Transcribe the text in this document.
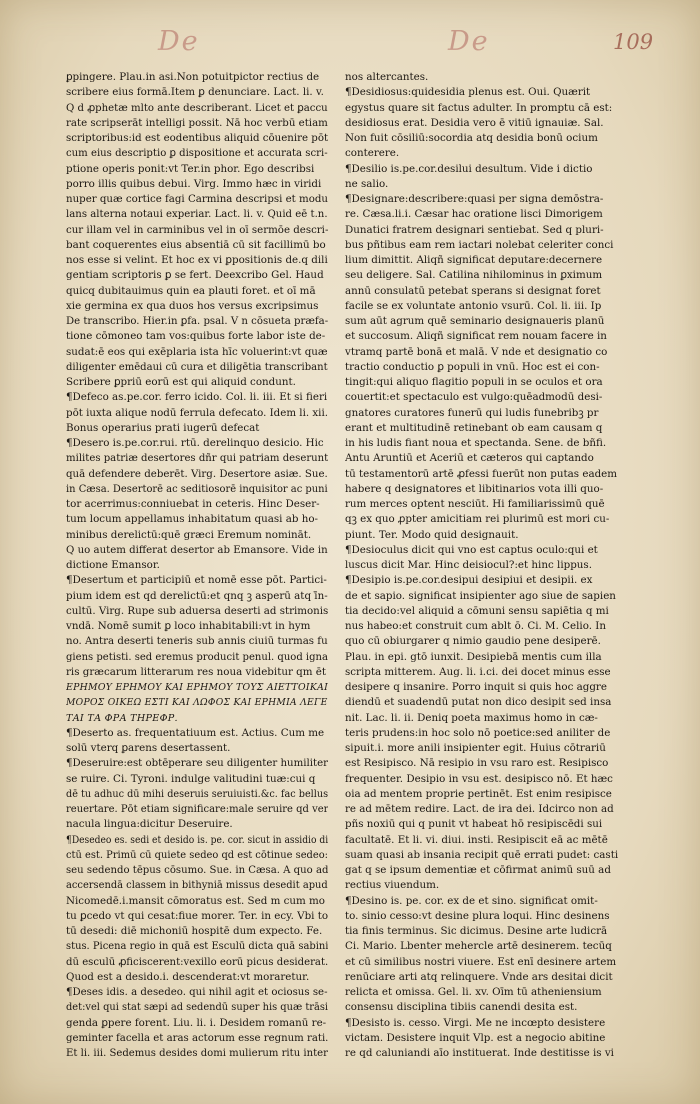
De	De	109
ꝑpingere. Plau.in asi.Non potuitpictor rectius de
scribere eius formā.Item ꝑ denunciare. Lact. li. v.
Q d ꝓphetæ mlto ante describerant. Licet et ꝑaccu
rate scripserāt intelligi possit. Nā hoc verbū etiam
scriptoribus:id est eodentibus aliquid cōuenire pōt
cum eius descriptio ꝑ dispositione et accurata scri-
ptione operis ponit:vt Ter.in phor. Ego describsi
porro illis quibus debui. Virg. Immo hæc in viridi
nuper quæ cortice fagi Carmina descripsi et modu
lans alterna notaui experiar. Lact. li. v. Quid eē t.n.
cur illam vel in carminibus vel in oī sermōe descri-
bant coquerentes eius absentiā cū sit facillimū bo
nos esse si velint. Et hoc ex vi ꝑpositionis de.q dili
gentiam scriptoris ꝑ se fert. Deexcribo Gel. Haud
quicq dubitauimus quin ea plauti foret. et oī mā
xie germina ex qua duos hos versus excripsimus
De transcribo. Hier.in ꝑfa. psal. V n cōsueta præfa-
tione cōmoneo tam vos:quibus forte labor iste de-
sudat:ē eos qui exēplaria ista hīc voluerint:vt quæ
diligenter emēdaui cū cura et diligētia transcribant
Scribere ꝑpriū eorū est qui aliquid condunt.
¶Defeco as.pe.cor. ferro icido. Col. li. iii. Et si fieri
pōt iuxta alique nodū ferrula defecato. Idem li. xii.
Bonus operarius prati iugerū defecat
¶Desero is.pe.cor.rui. rtū. derelinquo desicio. Hic
milites patriæ desertores dñr qui patriam deserunt
quā defendere deberēt. Virg. Desertore asiæ. Sue.
in Cæsa. Desertorē ac seditiosorē inquisitor ac puni
tor acerrimus:conniuebat in ceteris. Hinc Deser-
tum locum appellamus inhabitatum quasi ab ho-
minibus derelictū:quē græci Eremum nomināt.
Q uo autem differat desertor ab Emansore. Vide in
dictione Emansor.
¶Desertum et participiū et nomē esse pōt. Partici-
pium idem est qd derelictū:et qnq ꝫ asperū atq ī̄n-
cultū. Virg. Rupe sub aduersa deserti ad strimonis
vndā. Nomē sumit ꝑ loco inhabitabili:vt in hym
no. Antra deserti teneris sub annis ciuiū turmas fu
giens petisti. sed eremus producit penul. quod igna
ris græcarum litterarum res noua videbitur qm ēt
ΕΡΗΜΟΥ ΕΡΗΜΟΥ ΚΑΙ ΕΡΗΜΟΥ ΤΟΥΣ ΑΙΕΤΤΟΙΚΑΙ
ΜΟΡΟΣ ΟΙΚΕΩ ΕΣΤΙ ΚΑΙ ΛΩΦΟΣ ΚΑΙ ΕΡΗΜΙΑ ΛΕΓΕ
ΤΑΙ ΤΑ ΦΡΑ ΤΗΡΕΦΡ.
¶Deserto as. frequentatiuum est. Actius. Cum me
solū vterq ꝑarens desertassent.
¶Deseruire:est obtēperare seu diligenter humiliter
se ruire. Ci. Tyroni. indulge valitudini tuæ:cui q
dē tu adhuc dū mihi deseruis seruiuisti.&c. fac bellus
reuertare. Pōt etiam significare:male seruire qd ver
nacula lingua:dicitur Deseruire.
¶Desedeo es. sedi et desido is. pe. cor. sicut in assidio di
ctū est. Primū cū quiete sedeo qd est cōtinue sedeo:
seu sedendo tēpus cōsumo. Sue. in Cæsa. A quo ad
accersendā classem in bithyniā missus desedit apud
Nicomedē.i.mansit cōmoratus est. Sed m cum mo
tu ꝑcedo vt qui cesat:fiue morer. Ter. in ecy. Vbi to
tū desedi: diē michoniū hospitē dum expecto. Fe.
stus. Picena regio in quā est Esculū dicta quā sabini
dū esculū ꝓficiscerent:vexillo eorū picus desiderat.
Quod est a desido.i. descenderat:vt moraretur.
¶Deses idis. a desedeo. qui nihil agit et ociosus se-
det:vel qui stat sæpi ad sedendū super his quæ trāsi
genda ꝑpere forent. Liu. li. i. Desidem romanū re-
geminter facella et aras actorum esse regnum rati.
Et li. iii. Sedemus desides domi mulierum ritu inter
nos altercantes.
¶Desidiosus:quidesidia plenus est. Oui. Quærit
egystus quare sit factus adulter. In promptu cā est:
desidiosus erat. Desidia vero ē vitiū ignauiæ. Sal.
Non fuit cōsiliū:socordia atq desidia bonū ocium
conterere.
¶Desilio is.pe.cor.desilui desultum. Vide i dictio
ne salio.
¶Designare:describere:quasi per signa demōstra-
re. Cæsa.li.i. Cæsar hac oratione lisci Dimorigem
Dunatici fratrem designari sentiebat. Sed q pluri-
bus pñtibus eam rem iactari nolebat celeriter conci
lium dimittit. Aliqñ significat deputare:decernere
seu deligere. Sal. Catilina nihilominus in ꝑximum
annū consulatū petebat sperans si designat foret
facile se ex voluntate antonio vsurū. Col. li. iii. Ip
sum aūt agrum quē seminario designaueris planū
et succosum. Aliqñ significat rem nouam facere in
vtramq partē bonā et malā. V nde et designatio co
tractio conductio ꝑ populi in vnū. Hoc est ei con-
tingit:qui aliquo flagitio populi in se oculos et ora
couertit:et spectaculo est vulgo:quēadmodū desi-
gnatores curatores funerū qui ludis funebribꝫ pr
erant et multitudinē retinebant ob eam causam q
in his ludis fiant noua et spectanda. Sene. de bñfi.
Antu Aruntiū et Aceriū et cæteros qui captando
tū testamentorū artē ꝓfessi fuerūt non putas eadem
habere q designatores et libitinarios vota illi quo-
rum merces optent nesciūt. Hi familiarissimū quē
qꝫ ex quo ꝓpter amicitiam rei plurimū est mori cu-
piunt. Ter. Modo quid designauit.
¶Desioculus dicit qui vno est captus oculo:qui et
luscus dicit Mar. Hinc deisiocul?:et hinc lippus.
¶Desipio is.pe.cor.desipui desipiui et desipii. ex
de et sapio. significat insipienter ago siue de sapien
tia decido:vel aliquid a cōmuni sensu sapiētia q mi
nus habeo:et construit cum ablt ō. Ci. M. Celio. In
quo cū obiurgarer q nimio gaudio pene desiperē.
Plau. in epi. gtō iunxit. Desipiebā mentis cum illa
scripta mitterem. Aug. li. i.ci. dei docet minus esse
desipere q insanire. Porro inquit si quis hoc aggre
diendū et suadendū putat non dico desipit sed insa
nit. Lac. li. ii. Deniq poeta maximus homo in cæ-
teris prudens:in hoc solo nō poetice:sed aniliter de
sipuit.i. more anili insipienter egit. Huius cōtrariū
est Resipisco. Nā resipio in vsu raro est. Resipisco
frequenter. Desipio in vsu est. desipisco nō. Et hæc
oia ad mentem proprie pertinēt. Est enim resipisce
re ad mētem redire. Lact. de ira dei. Idcirco non ad
pñs noxiū qui q punit vt habeat hō resipiscēdi sui
facultatē. Et li. vi. diui. insti. Resipiscit eā ac mētē
suam quasi ab insania recipit quē errati pudet: casti
gat q se ipsum dementiæ et cōfirmat animū suū ad
rectius viuendum.
¶Desino is. pe. cor. ex de et sino. significat omit-
to. sinio cesso:vt desine plura loqui. Hinc desinens
tia finis terminus. Sic dicimus. Desine arte ludicrā
Ci. Mario. Lbenter mehercle artē desinerem. tecūq
et cū similibus nostri viuere. Est enī desinere artem
renūciare arti atq relinquere. Vnde ars desitai dicit
relicta et omissa. Gel. li. xv. Oīm tū atheniensium
consensu disciplina tibiis canendi desita est.
¶Desisto is. cesso. Virgi. Me ne incœpto desistere
victam. Desistere inquit Vlp. est a negocio abitine
re qd caluniandi aīo instituerat. Inde destitisse is vi
